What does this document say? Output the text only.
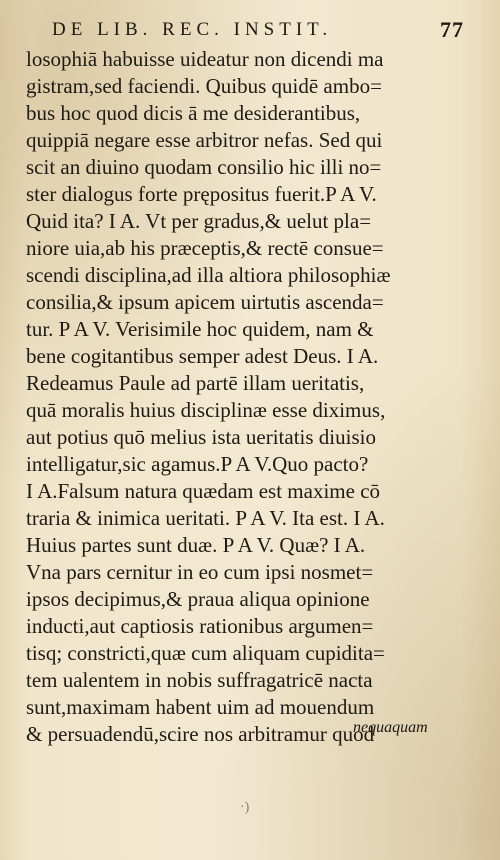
DE LIB. REC. INSTIT.	77
losophiā habuisse uideatur non dicendi ma
gistram,sed faciendi. Quibus quidē ambo=
bus hoc quod dicis ā me desiderantibus,
quippiā negare esse arbitror nefas. Sed qui
scit an diuino quodam consilio hic illi no=
ster dialogus forte prępositus fuerit.P A V.
Quid ita? I A. Vt per gradus,& uelut pla=
niore uia,ab his præceptis,& rectē consue=
scendi disciplina,ad illa altiora philosophiæ
consilia,& ipsum apicem uirtutis ascenda=
tur. P A V. Verisimile hoc quidem, nam &
bene cogitantibus semper adest Deus. I A.
Redeamus Paule ad partē illam ueritatis,
quā moralis huius disciplinæ esse diximus,
aut potius quō melius ista ueritatis diuisio
intelligatur,sic agamus.P A V.Quo pacto?
I A.Falsum natura quædam est maxime cō
traria & inimica ueritati. P A V. Ita est. I A.
Huius partes sunt duæ. P A V. Quæ? I A.
Vna pars cernitur in eo cum ipsi nosmet=
ipsos decipimus,& praua aliqua opinione
inducti,aut captiosis rationibus argumen=
tisq; constricti,quæ cum aliquam cupidita=
tem ualentem in nobis suffragatricē nacta
sunt,maximam habent uim ad mouendum
& persuadendū,scire nos arbitramur quod
nequaquam
·)
